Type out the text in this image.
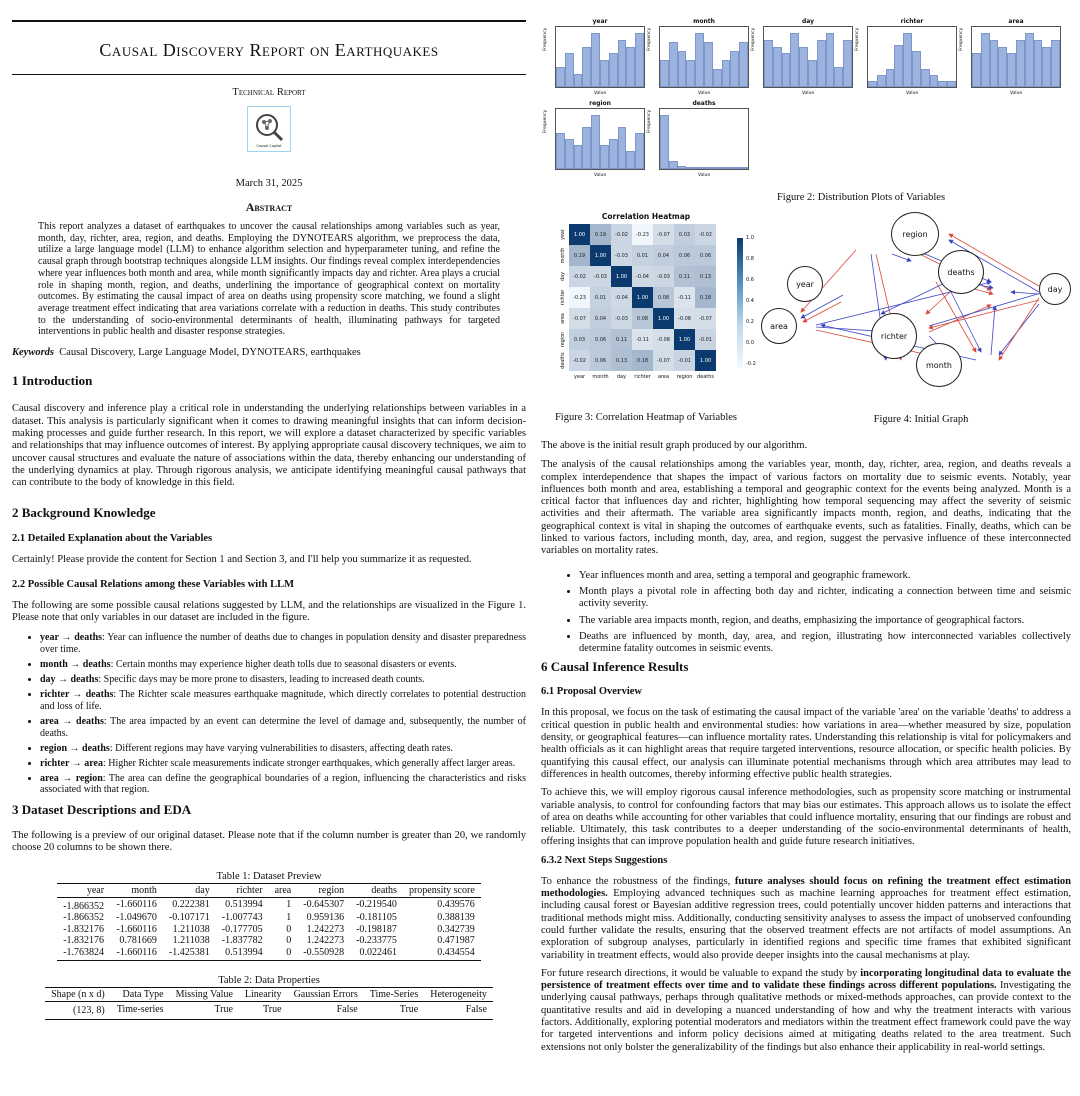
Causal Discovery Report on Earthquakes
Technical Report
Causal Copilot
March 31, 2025
Abstract

This report analyzes a dataset of earthquakes to uncover the causal relationships among variables such as year, month, day, richter, area, region, and deaths. Employing the DYNOTEARS algorithm, we preprocess the data, utilize a large language model (LLM) to enhance algorithm selection and hyperparameter tuning, and refine the causal graph through bootstrap techniques alongside LLM insights. Our findings reveal complex interdependencies where year influences both month and area, while month significantly impacts day and richter. Area plays a crucial role in shaping month, region, and deaths, underlining the importance of geographical context on mortality outcomes. By estimating the causal impact of area on deaths using propensity score matching, we found a slight average treatment effect indicating that area variations correlate with a reduction in deaths. This study contributes to the understanding of socio-environmental determinants of health, illuminating pathways for targeted interventions in public health and disaster response strategies.

Keywords Causal Discovery, Large Language Model, DYNOTEARS, earthquakes

1 Introduction

Causal discovery and inference play a critical role in understanding the underlying relationships between variables in a dataset. This analysis is particularly significant when it comes to drawing meaningful insights that can inform decision-making processes and guide further research. In this report, we will explore a dataset characterized by specific variables and relationships that may influence outcomes of interest. By applying appropriate causal discovery techniques, we aim to uncover causal structures and evaluate the nature of associations within the data, thereby enhancing our understanding of the underlying dynamics at play. Through rigorous analysis, we anticipate identifying meaningful causal pathways that can contribute to the body of knowledge in this field.

2 Background Knowledge
2.1 Detailed Explanation about the Variables

Certainly! Please provide the content for Section 1 and Section 3, and I'll help you summarize it as requested.

2.2 Possible Causal Relations among these Variables with LLM

The following are some possible causal relations suggested by LLM, and the relationships are visualized in the Figure 1. Please note that only variables in our dataset are included in the figure.

• year → deaths: Year can influence the number of deaths due to changes in population density and disaster preparedness over time.
• month → deaths: Certain months may experience higher death tolls due to seasonal disasters or events.
• day → deaths: Specific days may be more prone to disasters, leading to increased death counts.
• richter → deaths: The Richter scale measures earthquake magnitude, which directly correlates to potential destruction and loss of life.
• area → deaths: The area impacted by an event can determine the level of damage and, subsequently, the number of deaths.
• region → deaths: Different regions may have varying vulnerabilities to disasters, affecting death rates.
• richter → area: Higher Richter scale measurements indicate stronger earthquakes, which generally affect larger areas.
• area → region: The area can define the geographical boundaries of a region, influencing the characteristics and risks associated with that region.
3 Dataset Descriptions and EDA

The following is a preview of our original dataset. Please note that if the column number is greater than 20, we randomly choose 20 columns to be shown there.

Table 1: Dataset Preview
year	month	day	richter	area	region	deaths	propensity score
-1.866352	-1.660116	0.222381	0.513994	1	-0.645307	-0.219540	0.439576
-1.866352	-1.049670	-0.107171	-1.007743	1	0.959136	-0.181105	0.388139
-1.832176	-1.660116	1.211038	-0.177705	0	1.242273	-0.198187	0.342739
-1.832176	0.781669	1.211038	-1.837782	0	1.242273	-0.233775	0.471987
-1.763824	-1.660116	-1.425381	0.513994	0	-0.550928	0.022461	0.434554
Table 2: Data Properties
Shape (n x d)	Data Type	Missing Value	Linearity	Gaussian Errors	Time-Series	Heterogeneity
(123, 8)	Time-series	True	True	False	True	False
year
Frequency
Value
month
Frequency
Value
day
Frequency
Value
richter
Frequency
Value
area
Frequency
Value
region
Frequency
Value
deaths
Frequency
Value
Figure 2: Distribution Plots of Variables
Correlation Heatmap
1.00	0.19	-0.02	-0.23	-0.07	0.03	-0.02
year
year
0.19	1.00	-0.03	0.01	0.04	0.06	0.06
month
month
-0.02	-0.03	1.00	-0.04	-0.03	0.11	0.13
day
day
-0.23	0.01	-0.04	1.00	0.08	-0.11	0.18
richter
richter
-0.07	0.04	-0.03	0.08	1.00	-0.08	-0.07
area
area
0.03	0.06	0.11	-0.11	-0.08	1.00	-0.01
region
region
-0.02	0.06	0.13	0.18	-0.07	-0.01	1.00
deaths
deaths
1.0
0.8
0.6
0.4
0.2
0.0
-0.2
Figure 3: Correlation Heatmap of Variables
region
deaths
year
day
area
richter
month
Figure 4: Initial Graph

The above is the initial result graph produced by our algorithm.

The analysis of the causal relationships among the variables year, month, day, richter, area, region, and deaths reveals a complex interdependence that shapes the impact of various factors on mortality due to seismic events. Notably, year influences both month and area, establishing a temporal and geographic context for the events being analyzed. Month is a critical factor that influences day and richter, highlighting how temporal sequencing may affect the severity of seismic activities and their aftermath. The variable area significantly impacts month, region, and deaths, indicating that the geographical context is vital in shaping the outcomes of earthquake events, such as fatalities. Finally, deaths, which can be linked to various factors, including month, day, area, and region, suggest the pervasive influence of these interconnected variables on mortality rates.

• Year influences month and area, setting a temporal and geographic framework.
• Month plays a pivotal role in affecting both day and richter, indicating a connection between time and seismic activity severity.
• The variable area impacts month, region, and deaths, emphasizing the importance of geographical factors.
• Deaths are influenced by month, day, area, and region, illustrating how interconnected variables collectively determine fatality outcomes in seismic events.
6 Causal Inference Results
6.1 Proposal Overview

In this proposal, we focus on the task of estimating the causal impact of the variable 'area' on the variable 'deaths' to address a critical question in public health and environmental studies: how variations in area—whether measured by size, population density, or geographical features—can influence mortality rates. Understanding this relationship is vital for policymakers and health officials as it can highlight areas that require targeted interventions, resource allocation, or specific health policies. By quantifying this causal effect, our analysis can illuminate potential mechanisms through which area attributes may lead to differences in health outcomes, thereby informing effective public health strategies.

To achieve this, we will employ rigorous causal inference methodologies, such as propensity score matching or instrumental variable analysis, to control for confounding factors that may bias our estimates. This approach allows us to isolate the effect of area on deaths while accounting for other variables that could influence mortality, ensuring that our findings are robust and reliable. Ultimately, this task contributes to a deeper understanding of the socio-environmental determinants of health, offering insights that can improve population health and guide future research initiatives.

6.3.2 Next Steps Suggestions

To enhance the robustness of the findings, future analyses should focus on refining the treatment effect estimation methodologies. Employing advanced techniques such as machine learning approaches for treatment effect estimation, including causal forest or Bayesian additive regression trees, could potentially uncover hidden patterns and interactions that traditional methods might miss. Additionally, conducting sensitivity analyses to assess the impact of unobserved confounding could further validate the results, ensuring that the observed treatment effects are not artifacts of model assumptions. An exploration of subgroup analyses, particularly in identified regions and specific time frames that exhibited significant variability in treatment effects, would also provide deeper insights into the causal mechanisms at play.

For future research directions, it would be valuable to expand the study by incorporating longitudinal data to evaluate the persistence of treatment effects over time and to validate these findings across different populations. Investigating the underlying causal pathways, perhaps through qualitative methods or mixed-methods approaches, can provide context to the quantitative results and aid in developing a nuanced understanding of how and why the treatment interacts with various factors. Additionally, exploring potential moderators and mediators within the treatment effect framework could pave the way for targeted interventions and inform policy decisions aimed at mitigating deaths related to the area treatment. Such extensions not only bolster the generalizability of the findings but also enhance their applicability in real-world settings.
